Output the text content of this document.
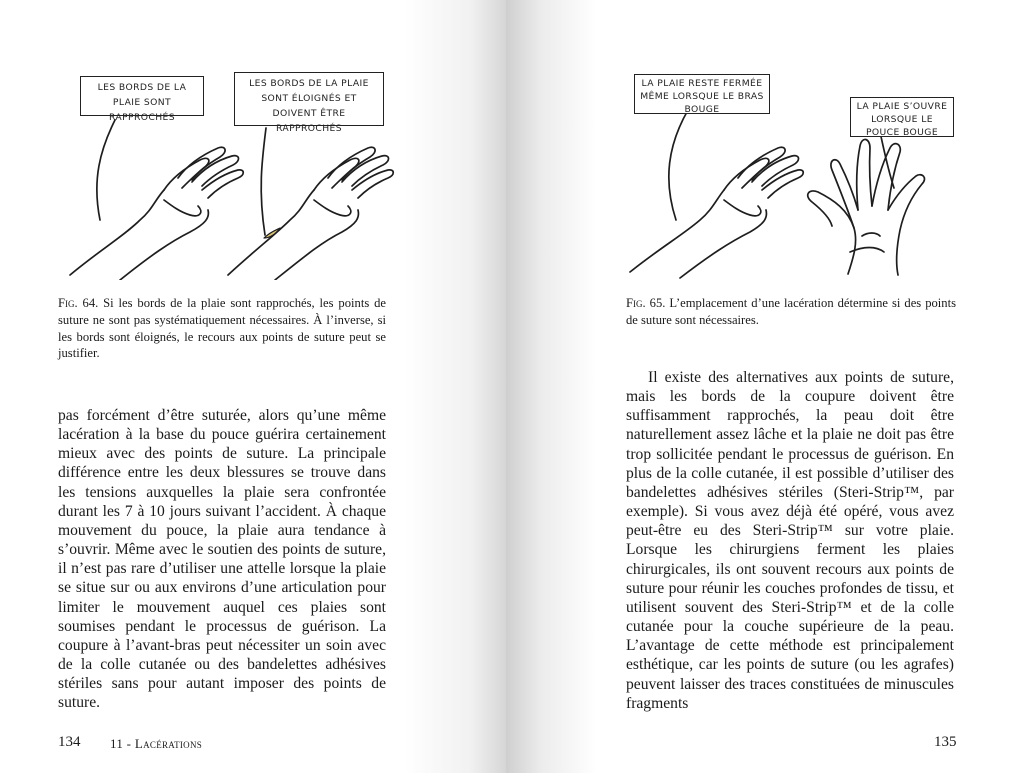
LES BORDS DE LA PLAIE SONT RAPPROCHÉS
LES BORDS DE LA PLAIE SONT ÉLOIGNÉS ET DOIVENT ÊTRE RAPPROCHÉS
Fig. 64. Si les bords de la plaie sont rapprochés, les points de suture ne sont pas systématiquement nécessaires. À l’inverse, si les bords sont éloignés, le recours aux points de suture peut se justifier.

pas forcément d’être suturée, alors qu’une même lacération à la base du pouce guérira certainement mieux avec des points de suture. La principale différence entre les deux blessures se trouve dans les tensions auxquelles la plaie sera confrontée durant les 7 à 10 jours suivant l’accident. À chaque mouvement du pouce, la plaie aura tendance à s’ouvrir. Même avec le soutien des points de suture, il n’est pas rare d’utiliser une attelle lorsque la plaie se situe sur ou aux environs d’une articulation pour limiter le mouvement auquel ces plaies sont soumises pendant le processus de guérison. La coupure à l’avant-bras peut nécessiter un soin avec de la colle cutanée ou des bandelettes adhésives stériles sans pour autant imposer des points de suture.

134 11 - Lacérations
LA PLAIE RESTE FERMÉE MÊME LORSQUE LE BRAS BOUGE	LA PLAIE S’OUVRE LORSQUE LE POUCE BOUGE
Fig. 65. L’emplacement d’une lacération détermine si des points de suture sont nécessaires.

Il existe des alternatives aux points de suture, mais les bords de la coupure doivent être suffisamment rapprochés, la peau doit être naturellement assez lâche et la plaie ne doit pas être trop sollicitée pendant le processus de guérison. En plus de la colle cutanée, il est possible d’utiliser des bandelettes adhésives stériles (Steri-Strip™, par exemple). Si vous avez déjà été opéré, vous avez peut-être eu des Steri-Strip™ sur votre plaie. Lorsque les chirurgiens ferment les plaies chirurgicales, ils ont souvent recours aux points de suture pour réunir les couches profondes de tissu, et utilisent souvent des Steri-Strip™ et de la colle cutanée pour la couche supérieure de la peau. L’avantage de cette méthode est principalement esthétique, car les points de suture (ou les agrafes) peuvent laisser des traces constituées de minuscules fragments

135
